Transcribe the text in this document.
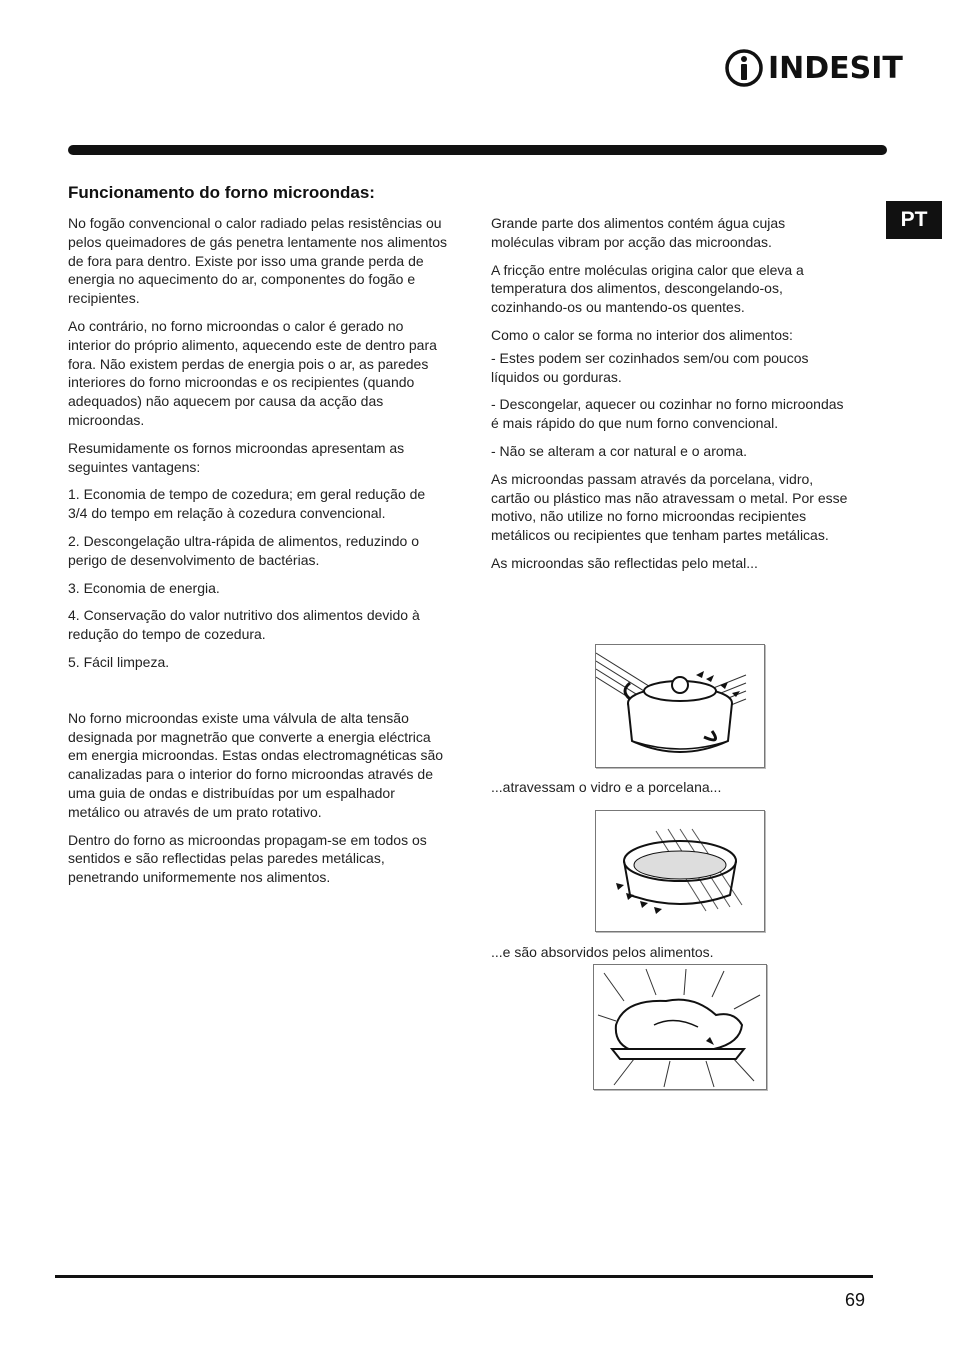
INDESIT
PT
Funcionamento do forno microondas:

No fogão convencional o calor radiado pelas resistências ou pelos queimadores de gás penetra lentamente nos alimentos de fora para dentro. Existe por isso uma grande perda de energia no aquecimento do ar, componentes do fogão e recipientes.

Ao contrário, no forno microondas o calor é gerado no interior do próprio alimento, aquecendo este de dentro para fora. Não existem perdas de energia pois o ar, as paredes interiores do forno microondas e os recipientes (quando adequados) não aquecem por causa da acção das microondas.

Resumidamente os fornos microondas apresentam as seguintes vantagens:

1. Economia de tempo de cozedura; em geral redução de 3/4 do tempo em relação à cozedura convencional.

2. Descongelação ultra-rápida de alimentos, reduzindo o perigo de desenvolvimento de bactérias.

3. Economia de energia.

4. Conservação do valor nutritivo dos alimentos devido à redução do tempo de cozedura.

5. Fácil limpeza.

No forno microondas existe uma válvula de alta tensão designada por magnetrão que converte a energia eléctrica em energia microondas. Estas ondas electromagnéticas são canalizadas para o interior do forno microondas através de uma guia de ondas e distribuídas por um espalhador metálico ou através de um prato rotativo.

Dentro do forno as microondas propagam-se em todos os sentidos e são reflectidas pelas paredes metálicas, penetrando uniformemente nos alimentos.

Grande parte dos alimentos contém água cujas moléculas vibram por acção das microondas.

A fricção entre moléculas origina calor que eleva a temperatura dos alimentos, descongelando-os, cozinhando-os ou mantendo-os quentes.

Como o calor se forma no interior dos alimentos:

- Estes podem ser cozinhados sem/ou com poucos líquidos ou gorduras.

- Descongelar, aquecer ou cozinhar no forno microondas é mais rápido do que num forno convencional.

- Não se alteram a cor natural e o aroma.

As microondas passam através da porcelana, vidro, cartão ou plástico mas não atravessam o metal. Por esse motivo, não utilize no forno microondas recipientes metálicos ou recipientes que tenham partes metálicas.

As microondas são reflectidas pelo metal...

...atravessam o vidro e a porcelana...
...e são absorvidos pelos alimentos.
69
